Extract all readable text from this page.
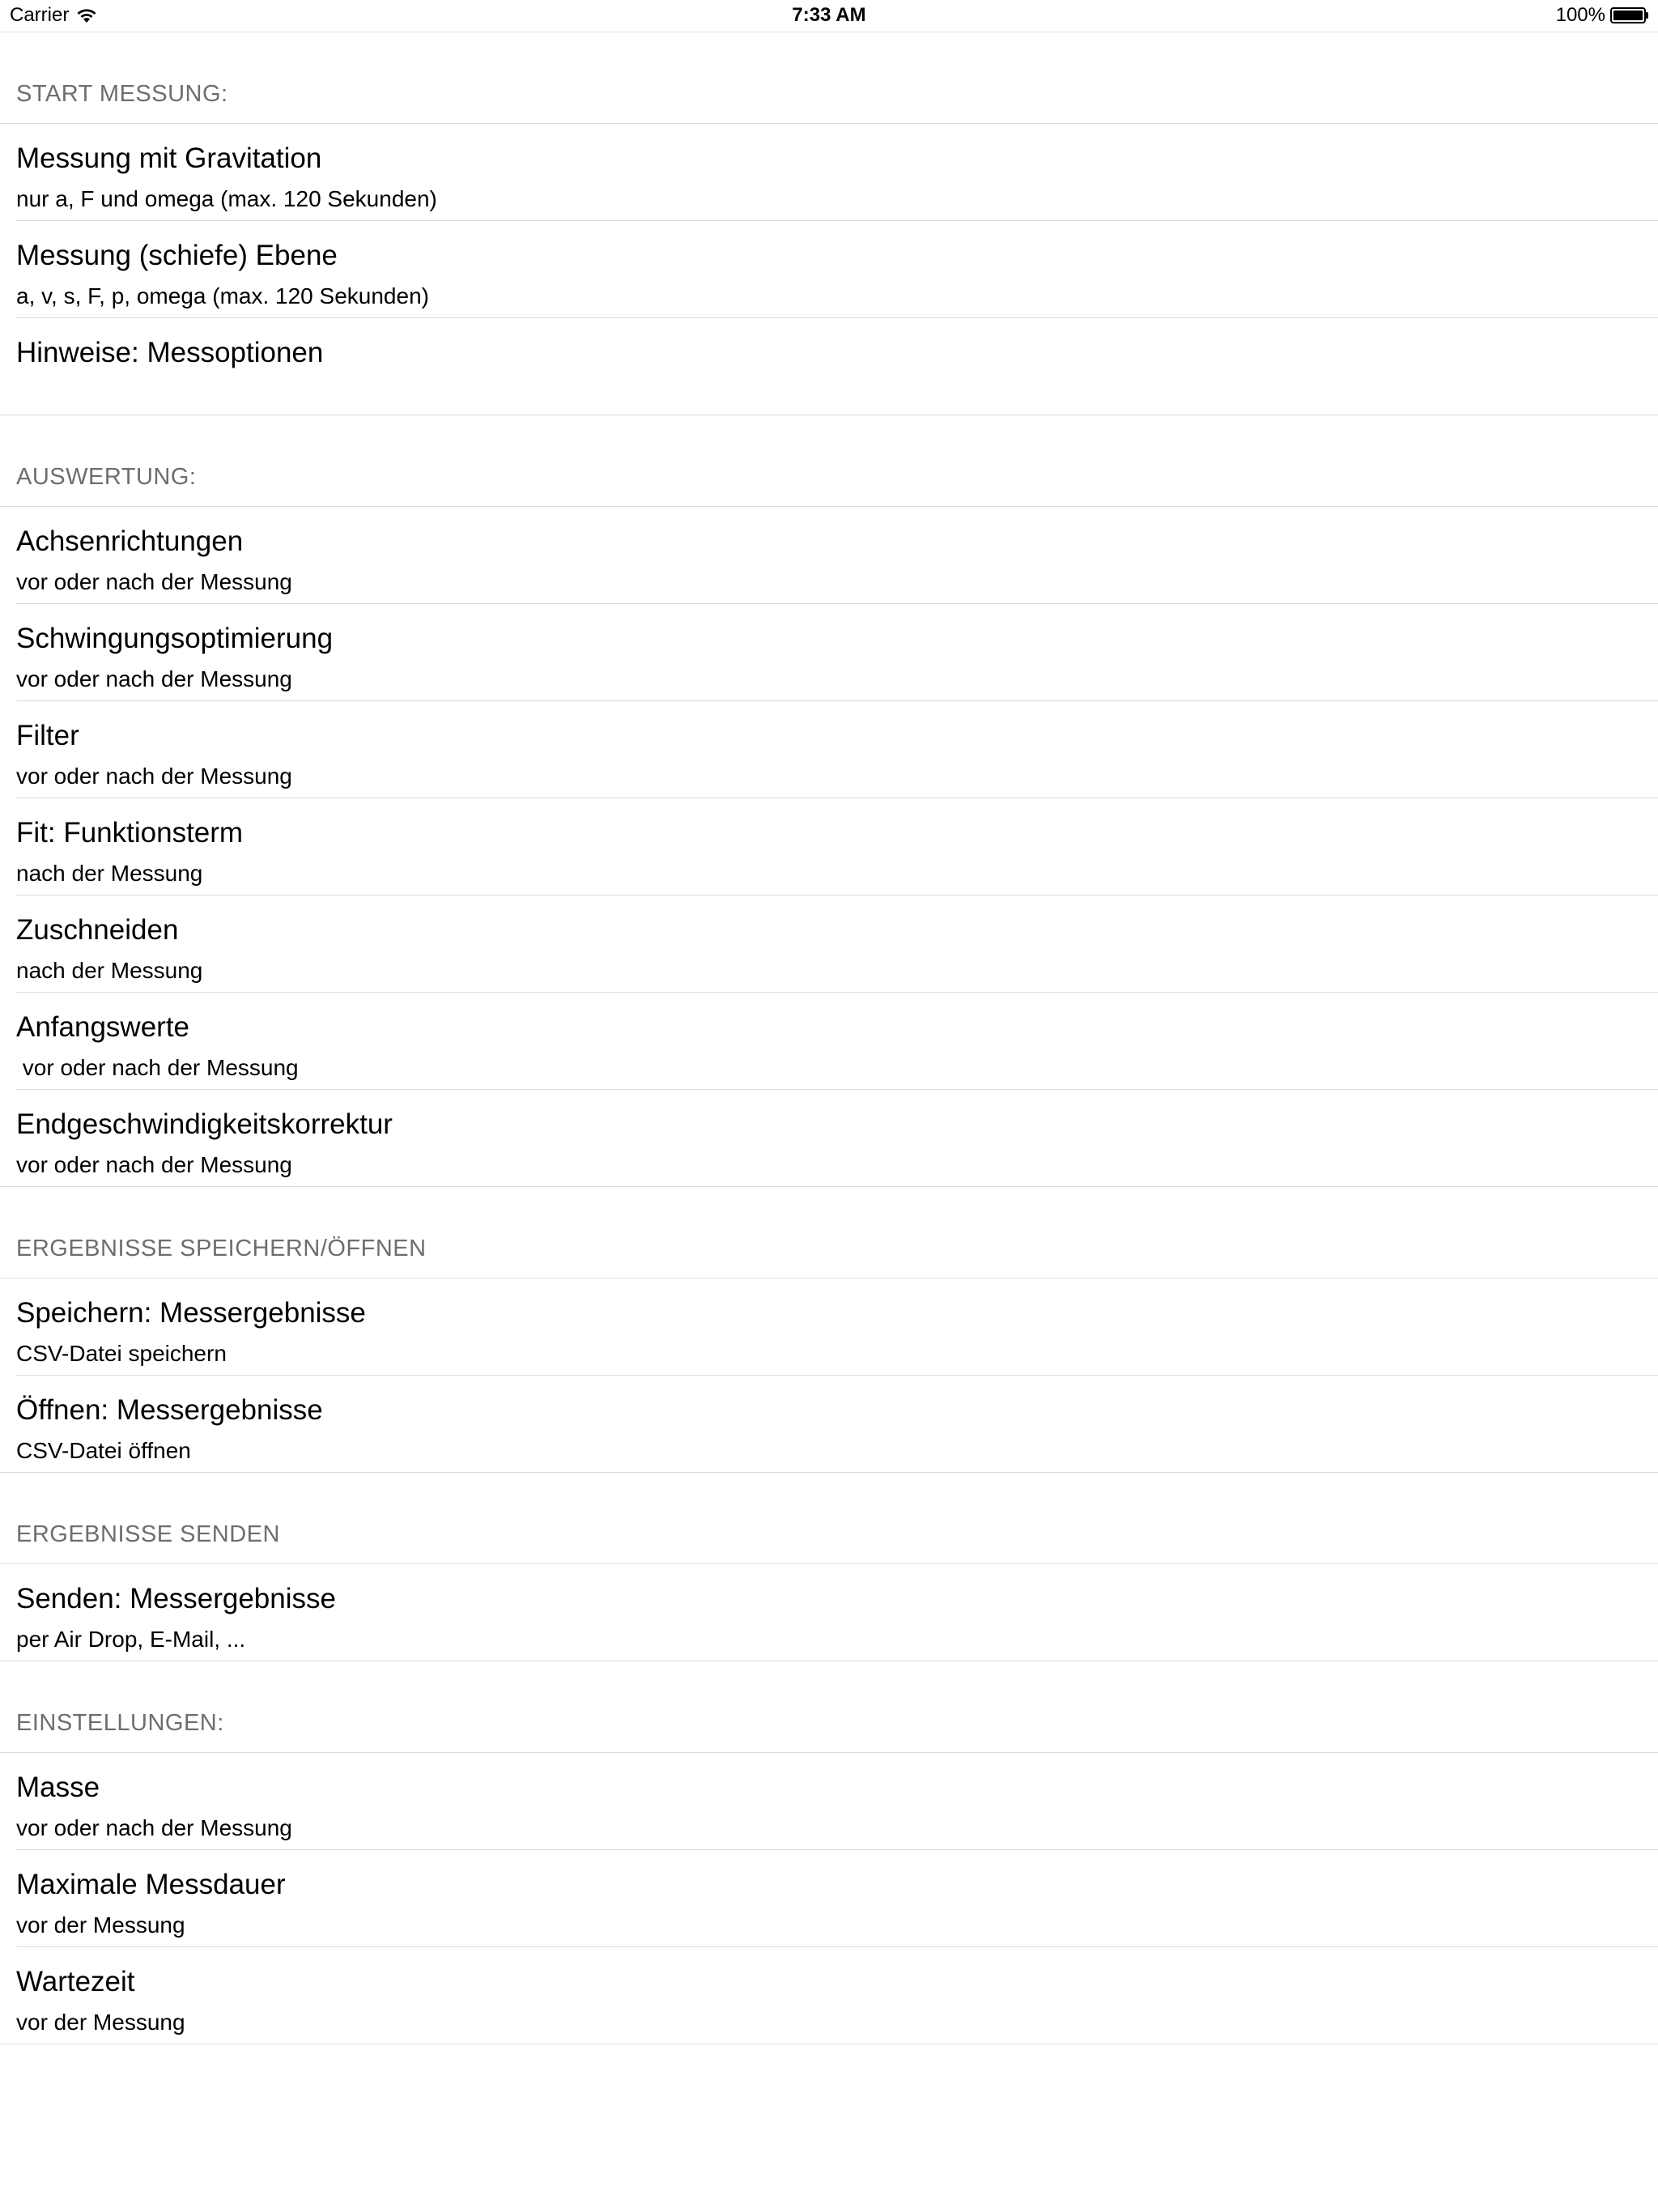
Carrier	7:33 AM	100%
START MESSUNG:
Messung mit Gravitation
nur a, F und omega (max. 120 Sekunden)
Messung (schiefe) Ebene
a, v, s, F, p, omega (max. 120 Sekunden)
Hinweise: Messoptionen
AUSWERTUNG:
Achsenrichtungen
vor oder nach der Messung
Schwingungsoptimierung
vor oder nach der Messung
Filter
vor oder nach der Messung
Fit: Funktionsterm
nach der Messung
Zuschneiden
nach der Messung
Anfangswerte
vor oder nach der Messung
Endgeschwindigkeitskorrektur
vor oder nach der Messung
ERGEBNISSE SPEICHERN/ÖFFNEN
Speichern: Messergebnisse
CSV-Datei speichern
Öffnen: Messergebnisse
CSV-Datei öffnen
ERGEBNISSE SENDEN
Senden: Messergebnisse
per Air Drop, E-Mail, ...
EINSTELLUNGEN:
Masse
vor oder nach der Messung
Maximale Messdauer
vor der Messung
Wartezeit
vor der Messung
